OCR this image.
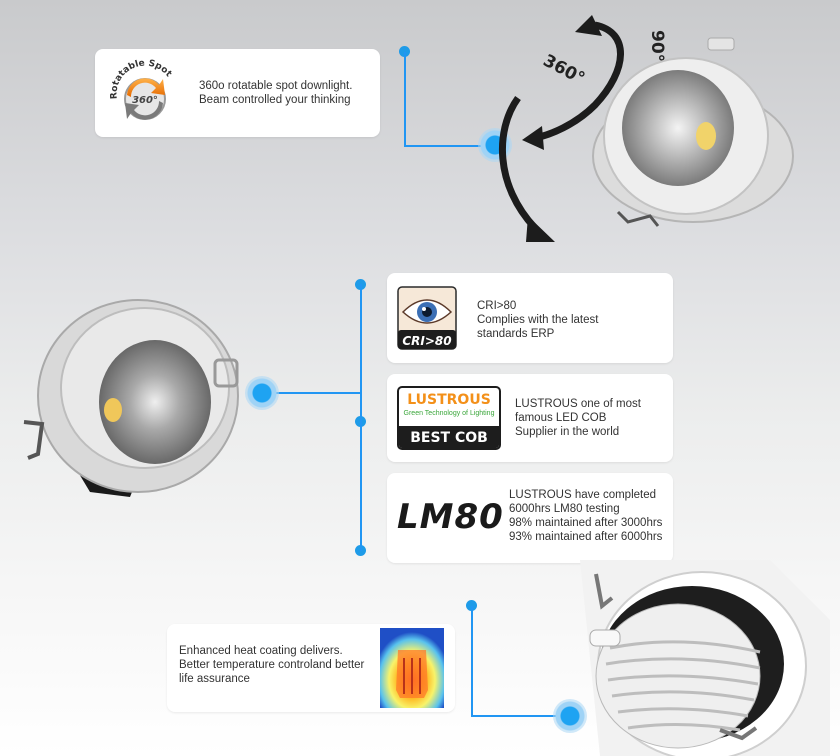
Rotatable Spot
360°
360o rotatable spot downlight.
Beam controlled your thinking
360°
90°
CRI>80
CRI>80
Complies with the latest
standards ERP
LUSTROUS
Green Technology of Lighting
BEST COB
LUSTROUS one of most
famous LED COB
Supplier in the world
LM80
LUSTROUS have completed
6000hrs LM80 testing
98% maintained after 3000hrs
93% maintained after 6000hrs
Enhanced heat coating delivers.
Better temperature controland better
life assurance
